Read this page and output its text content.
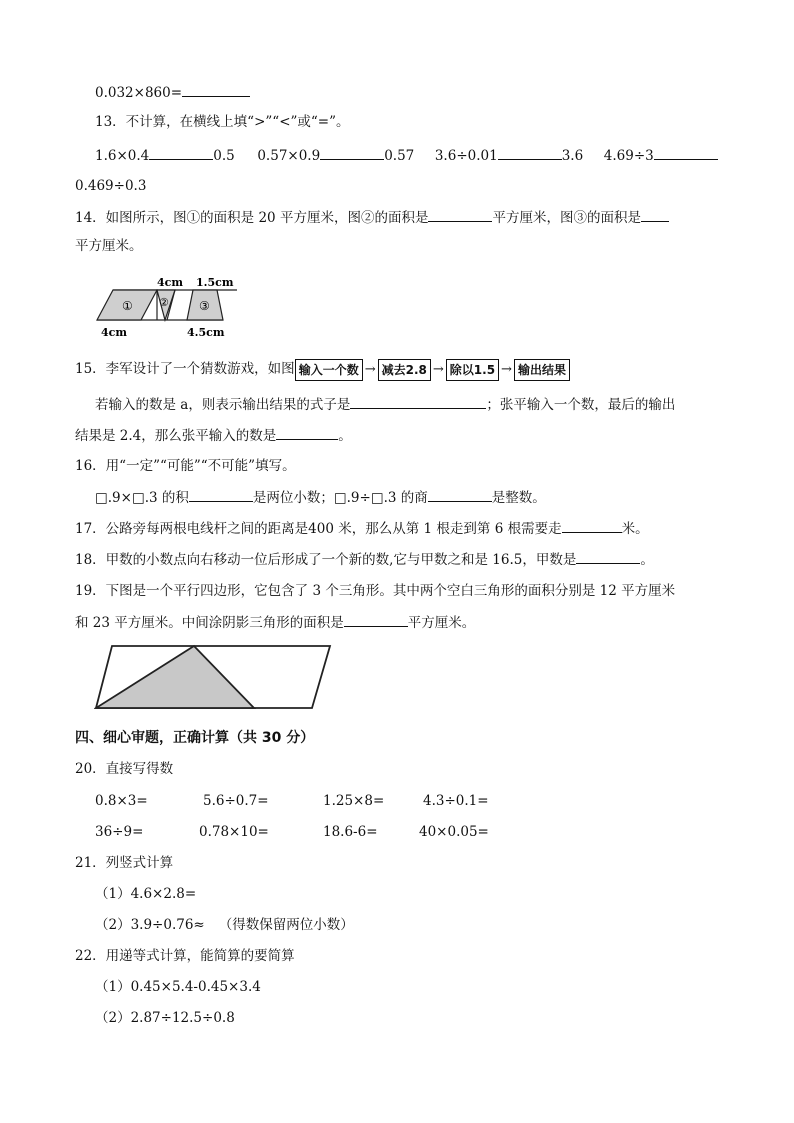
0.032×860=
13．不计算，在横线上填“>”“<”或“=”。
1.6×0.4	0.5 0.57×0.9	0.57 3.6÷0.01	3.6 4.69÷3
0.469÷0.3
14．如图所示，图①的面积是 20 平方厘米，图②的面积是	平方厘米，图③的面积是
平方厘米。
4cm 1.5cm
4cm	4.5cm
① ②	③
15．李军设计了一个猜数游戏，如图 输入一个数 → 减去2.8 → 除以1.5 → 输出结果
若输入的数是 a，则表示输出结果的式子是	；张平输入一个数，最后的输出
结果是 2.4，那么张平输入的数是	。
16．用“一定”“可能”“不可能”填写。
□.9×□.3 的积	是两位小数；□.9÷□.3 的商	是整数。
17．公路旁每两根电线杆之间的距离是400 米，那么从第 1 根走到第 6 根需要走	米。
18．甲数的小数点向右移动一位后形成了一个新的数,它与甲数之和是 16.5，甲数是	。
19．下图是一个平行四边形，它包含了 3 个三角形。其中两个空白三角形的面积分别是 12 平方厘米
和 23 平方厘米。中间涂阴影三角形的面积是	平方厘米。
四、细心审题，正确计算（共 30 分）
20．直接写得数
0.8×3=	5.6÷0.7=	1.25×8=	4.3÷0.1=
36÷9=	0.78×10=	18.6-6=	40×0.05=
21．列竖式计算
（1）4.6×2.8=
（2）3.9÷0.76≈ （得数保留两位小数）
22．用递等式计算，能简算的要简算
（1）0.45×5.4-0.45×3.4
（2）2.87÷12.5÷0.8
